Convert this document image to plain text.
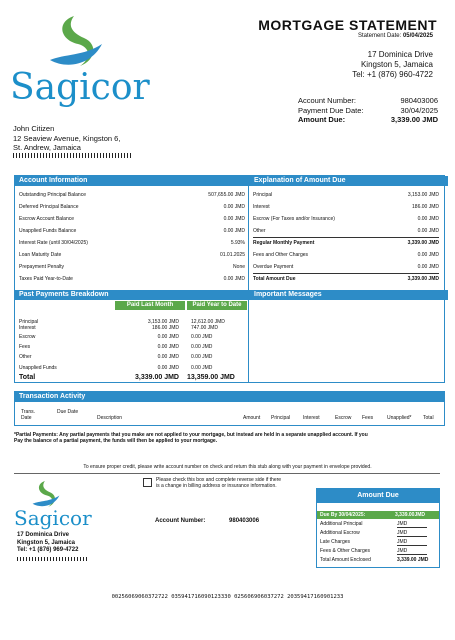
Sagicor
MORTGAGE STATEMENT
Statement Date: 05/04/2025
17 Dominica Drive
Kingston 5, Jamaica
Tel: +1 (876) 960-4722
Account Number:	980403006
Payment Due Date:	30/04/2025
Amount Due:	3,339.00 JMD
John Citizen
12 Seaview Avenue, Kingston 6,
St. Andrew, Jamaica
Account Information	Explanation of Amount Due
Outstanding Principal Balance	507,655.00 JMD
Deferred Principal Balance	0.00 JMD
Escrow Account Balance	0.00 JMD
Unapplied Funds Balance	0.00 JMD
Interest Rate (until 30/04/2025)	5.93%
Loan Maturity Date	01.01.2025
Prepayment Penalty	None
Taxes Paid Year-to-Date	0.00 JMD
Principal	3,153.00 JMD
Interest	186.00 JMD
Escrow (For Taxes and/or Insurance)	0.00 JMD
Other	0.00 JMD
Regular Monthly Payment	3,339.00 JMD
Fees and Other Charges	0.00 JMD
Overdue Payment	0.00 JMD
Total Amount Due	3,339.00 JMD
Past Payments Breakdown	Important Messages
Paid Last Month	Paid Year to Date
Principal	3,153.00 JMD 12,612.00 JMD
Interest	186.00 JMD 747.00 JMD
Escrow	0.00 JMD 0.00 JMD
Fees	0.00 JMD 0.00 JMD
Other	0.00 JMD 0.00 JMD
Unapplied Funds	0.00 JMD 0.00 JMD
Total	3,339.00 JMD 13,359.00 JMD
Transaction Activity
Trans. Date
Due Date
Description	Amount Principal	Interest	Escrow Fees	Unapplied* Total
*Partial Payments: Any partial payments that you make are not applied to your mortgage, but instead are held in a separate unapplied account. If you
Pay the balance of a partial payment, the funds will then be applied to your mortgage.
To ensure proper credit, please write account number on check and return this stub along with your payment in envelope provided.
Please check this box and complete reverse side if there
is a change in billing address or insurance information.
Sagicor
17 Dominica Drive
Kingston 5, Jamaica
Tel: +1 (876) 969-4722
Account Number:	980403006
Amount Due
Due By 30/04/2025:	3,339.00JMD
Additional Principal	JMD
Additional Escrow	JMD
Late Charges	JMD
Fees & Other Charges	JMD
Total Amount Enclosed	3,339.00 JMD
00256069060372722 035941716090123330 025606906037272 20359417160901233
